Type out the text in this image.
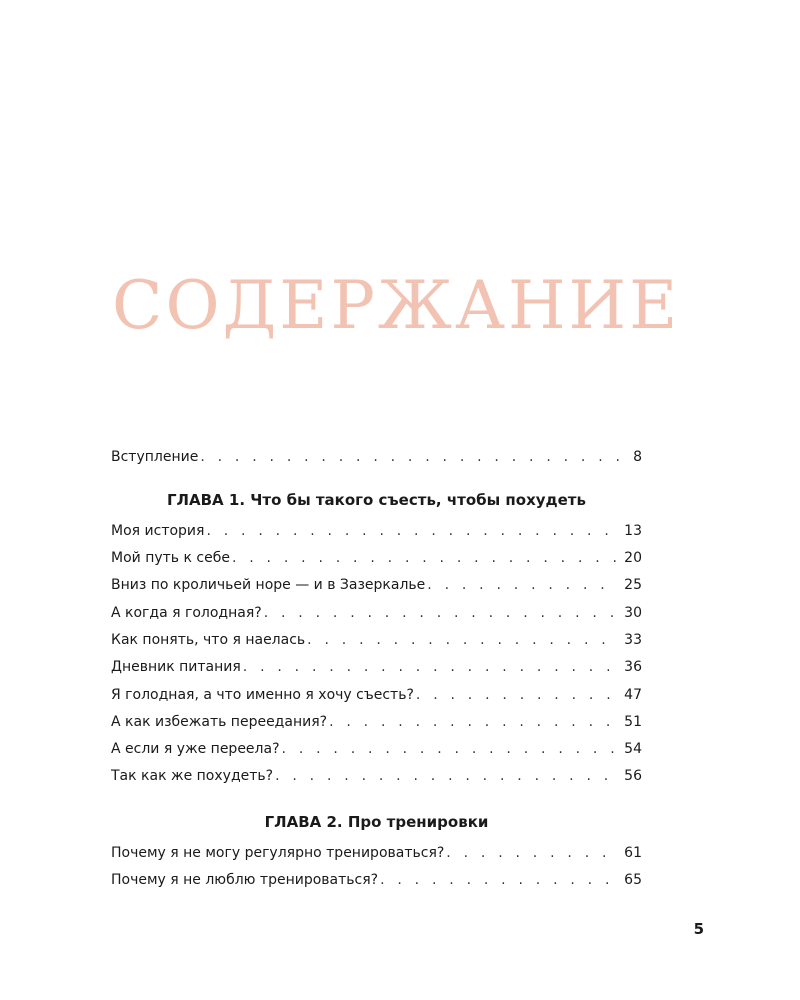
СОДЕРЖАНИЕ
Вступление . . .	8
ГЛАВА 1. Что бы такого съесть, чтобы похудеть
Моя история . . .	13
Мой путь к себе . . .	20
Вниз по кроличьей норе — и в Зазеркалье . . .	25
А когда я голодная? . . .	30
Как понять, что я наелась . . .	33
Дневник питания . . .	36
Я голодная, а что именно я хочу съесть? . . .	47
А как избежать переедания? . . .	51
А если я уже переела? . . .	54
Так как же похудеть? . . .	56
ГЛАВА 2. Про тренировки
Почему я не могу регулярно тренироваться? . . .	61
Почему я не люблю тренироваться? . . .	65
5
